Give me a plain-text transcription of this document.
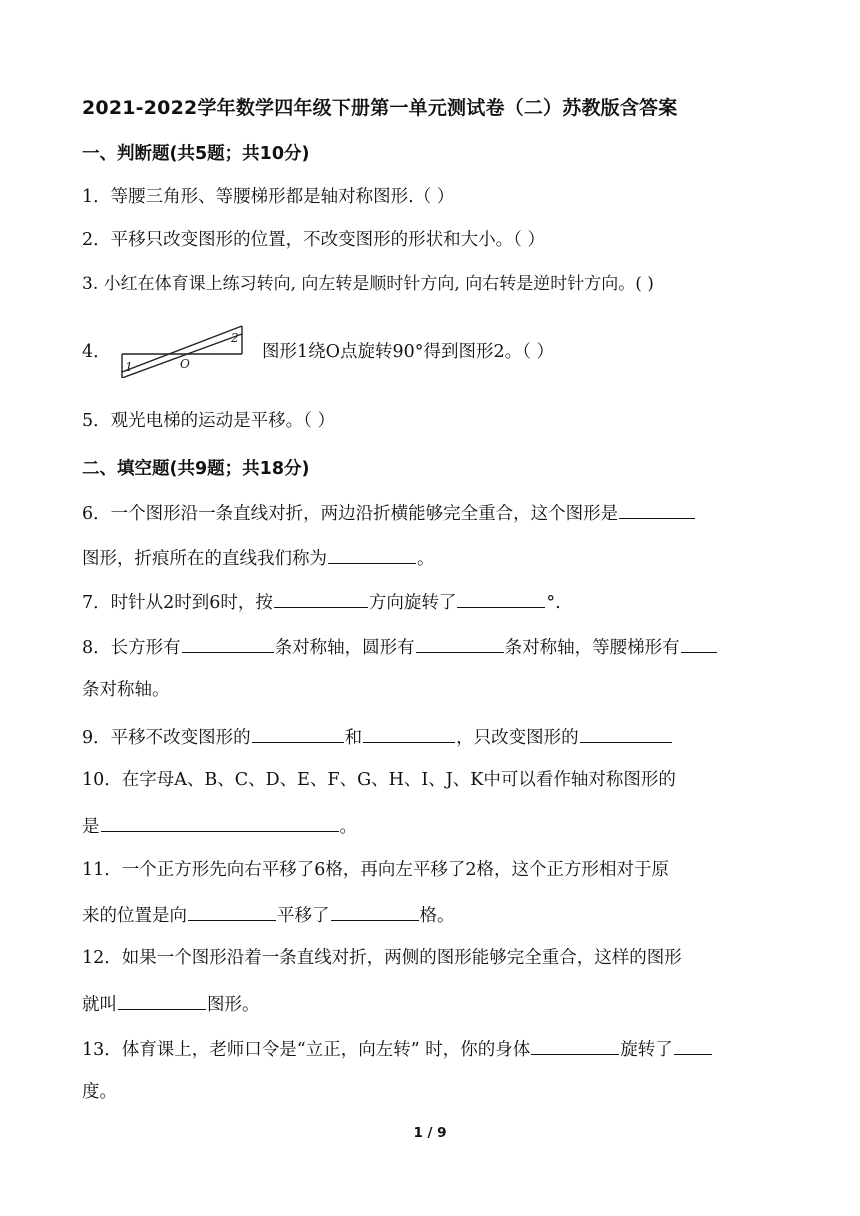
2021-2022学年数学四年级下册第一单元测试卷（二）苏教版含答案
一、判断题(共5题；共10分)
1．等腰三角形、等腰梯形都是轴对称图形.（ ）
2．平移只改变图形的位置，不改变图形的形状和大小。（ ）
3. 小红在体育课上练习转向, 向左转是顺时针方向, 向右转是逆时针方向。( )
4．
1
2
O
图形1绕O点旋转90°得到图形2。（ ）
5．观光电梯的运动是平移。（ ）
二、填空题(共9题；共18分)
6．一个图形沿一条直线对折，两边沿折横能够完全重合，这个图形是
图形，折痕所在的直线我们称为	。
7．时针从2时到6时，按	方向旋转了	°.
8．长方形有	条对称轴，圆形有	条对称轴，等腰梯形有
条对称轴。
9．平移不改变图形的	和	，只改变图形的
10．在字母A、B、C、D、E、F、G、H、I、J、K中可以看作轴对称图形的
是	。
11．一个正方形先向右平移了6格，再向左平移了2格，这个正方形相对于原
来的位置是向	平移了	格。
12．如果一个图形沿着一条直线对折，两侧的图形能够完全重合，这样的图形
就叫	图形。
13．体育课上，老师口令是“立正，向左转” 时，你的身体	旋转了
度。
1 / 9
